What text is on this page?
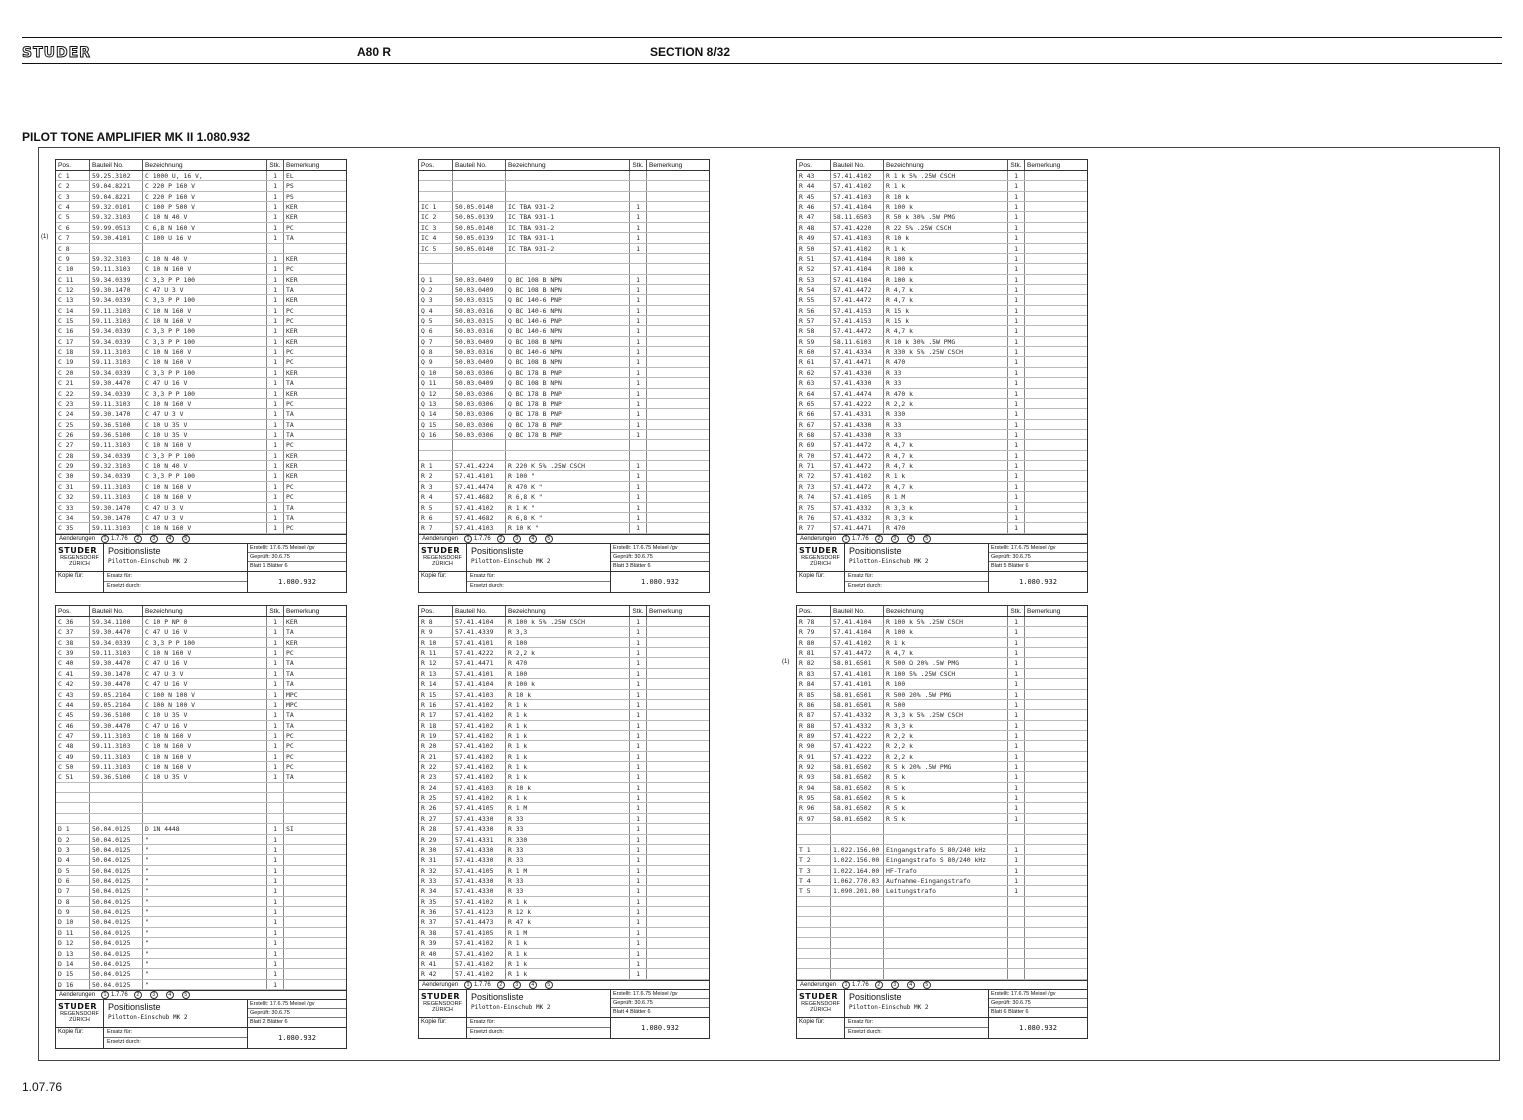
STUDER	A80 R	SECTION 8/32
PILOT TONE AMPLIFIER MK II 1.080.932
1.07.76
Pos.	Bauteil No.	Bezeichnung	Stk. Bemerkung
C 1	59.25.3102	C 1000 U, 16 V,	1	EL
C 2	59.04.8221	C 220 P 160 V	1	PS
C 3	59.04.8221	C 220 P 160 V	1	PS
C 4	59.32.0101	C 100 P 500 V	1	KER
C 5	59.32.3103	C 10 N 40 V	1	KER
C 6	59.99.0513	C 6,8 N 160 V	1	PC
C 7	59.30.4101	C 100 U 16 V	1	TA
C 8
C 9	59.32.3103	C 10 N 40 V	1	KER
C 10	59.11.3103	C 10 N 160 V	1	PC
C 11	59.34.0339	C 3,3 P P 100	1	KER
C 12	59.30.1470	C 47 U 3 V	1	TA
C 13	59.34.0339	C 3,3 P P 100	1	KER
C 14	59.11.3103	C 10 N 160 V	1	PC
C 15	59.11.3103	C 10 N 160 V	1	PC
C 16	59.34.0339	C 3,3 P P 100	1	KER
C 17	59.34.0339	C 3,3 P P 100	1	KER
C 18	59.11.3103	C 10 N 160 V	1	PC
C 19	59.11.3103	C 10 N 160 V	1	PC
C 20	59.34.0339	C 3,3 P P 100	1	KER
C 21	59.30.4470	C 47 U 16 V	1	TA
C 22	59.34.0339	C 3,3 P P 100	1	KER
C 23	59.11.3103	C 10 N 160 V	1	PC
C 24	59.30.1470	C 47 U 3 V	1	TA
C 25	59.36.5100	C 10 U 35 V	1	TA
C 26	59.36.5100	C 10 U 35 V	1	TA
C 27	59.11.3103	C 10 N 160 V	1	PC
C 28	59.34.0339	C 3,3 P P 100	1	KER
C 29	59.32.3103	C 10 N 40 V	1	KER
C 30	59.34.0339	C 3,3 P P 100	1	KER
C 31	59.11.3103	C 10 N 160 V	1	PC
C 32	59.11.3103	C 10 N 160 V	1	PC
C 33	59.30.1470	C 47 U 3 V	1	TA
C 34	59.30.1470	C 47 U 3 V	1	TA
C 35	59.11.3103	C 10 N 160 V	1	PC
(1)
Aenderungen	1 1.7.76	2	3	4	5
STUDER
REGENSDORF
ZÜRICH
Positionsliste
Pilotton-Einschub MK 2
Erstellt: 17.6.75 Meisel /gv
Geprüft: 30.6.75
Blatt 1 Blätter 6
Kopie für:	Ersatz für:
Ersetzt durch:	1.080.932
Pos.	Bauteil No.	Bezeichnung	Stk. Bemerkung
IC 1	50.05.0140	IC TBA 931-2	1
IC 2	50.05.0139	IC TBA 931-1	1
IC 3	50.05.0140	IC TBA 931-2	1
IC 4	50.05.0139	IC TBA 931-1	1
IC 5	50.05.0140	IC TBA 931-2	1
Q 1	50.03.0409	Q BC 108 B NPN	1
Q 2	50.03.0409	Q BC 108 B NPN	1
Q 3	50.03.0315	Q BC 140-6 PNP	1
Q 4	50.03.0316	Q BC 140-6 NPN	1
Q 5	50.03.0315	Q BC 140-6 PNP	1
Q 6	50.03.0316	Q BC 140-6 NPN	1
Q 7	50.03.0409	Q BC 108 B NPN	1
Q 8	50.03.0316	Q BC 140-6 NPN	1
Q 9	50.03.0409	Q BC 108 B NPN	1
Q 10	50.03.0306	Q BC 178 B PNP	1
Q 11	50.03.0409	Q BC 108 B NPN	1
Q 12	50.03.0306	Q BC 178 B PNP	1
Q 13	50.03.0306	Q BC 178 B PNP	1
Q 14	50.03.0306	Q BC 178 B PNP	1
Q 15	50.03.0306	Q BC 178 B PNP	1
Q 16	50.03.0306	Q BC 178 B PNP	1
R 1	57.41.4224	R 220 K 5% .25W CSCH	1
R 2	57.41.4101	R 100 "	1
R 3	57.41.4474	R 470 K "	1
R 4	57.41.4682	R 6,8 K "	1
R 5	57.41.4102	R 1 K "	1
R 6	57.41.4682	R 6,8 K "	1
R 7	57.41.4103	R 10 K "	1
Aenderungen	1 1.7.76	2	3	4	5
STUDER
REGENSDORF
ZÜRICH
Positionsliste
Pilotton-Einschub MK 2
Erstellt: 17.6.75 Meisel /gv
Geprüft: 30.6.75
Blatt 3 Blätter 6
Kopie für:	Ersatz für:
Ersetzt durch:	1.080.932
Pos.	Bauteil No.	Bezeichnung	Stk. Bemerkung
R 43	57.41.4102	R 1 k 5% .25W CSCH	1
R 44	57.41.4102	R 1 k	1
R 45	57.41.4103	R 10 k	1
R 46	57.41.4104	R 100 k	1
R 47	58.11.6503	R 50 k 30% .5W PMG	1
R 48	57.41.4220	R 22 5% .25W CSCH	1
R 49	57.41.4103	R 10 k	1
R 50	57.41.4102	R 1 k	1
R 51	57.41.4104	R 100 k	1
R 52	57.41.4104	R 100 k	1
R 53	57.41.4104	R 100 k	1
R 54	57.41.4472	R 4,7 k	1
R 55	57.41.4472	R 4,7 k	1
R 56	57.41.4153	R 15 k	1
R 57	57.41.4153	R 15 k	1
R 58	57.41.4472	R 4,7 k	1
R 59	58.11.6103	R 10 k 30% .5W PMG	1
R 60	57.41.4334	R 330 k 5% .25W CSCH	1
R 61	57.41.4471	R 470	1
R 62	57.41.4330	R 33	1
R 63	57.41.4330	R 33	1
R 64	57.41.4474	R 470 k	1
R 65	57.41.4222	R 2,2 k	1
R 66	57.41.4331	R 330	1
R 67	57.41.4330	R 33	1
R 68	57.41.4330	R 33	1
R 69	57.41.4472	R 4,7 k	1
R 70	57.41.4472	R 4,7 k	1
R 71	57.41.4472	R 4,7 k	1
R 72	57.41.4102	R 1 k	1
R 73	57.41.4472	R 4,7 k	1
R 74	57.41.4105	R 1 M	1
R 75	57.41.4332	R 3,3 k	1
R 76	57.41.4332	R 3,3 k	1
R 77	57.41.4471	R 470	1
Aenderungen	1 1.7.76	2	3	4	5
STUDER
REGENSDORF
ZÜRICH
Positionsliste
Pilotton-Einschub MK 2
Erstellt: 17.6.75 Meisel /gv
Geprüft: 30.6.75
Blatt 5 Blätter 6
Kopie für:	Ersatz für:
Ersetzt durch:	1.080.932
Pos.	Bauteil No.	Bezeichnung	Stk. Bemerkung
C 36	59.34.1100	C 10 P NP 0	1	KER
C 37	59.30.4470	C 47 U 16 V	1	TA
C 38	59.34.0339	C 3,3 P P 100	1	KER
C 39	59.11.3103	C 10 N 160 V	1	PC
C 40	59.30.4470	C 47 U 16 V	1	TA
C 41	59.30.1470	C 47 U 3 V	1	TA
C 42	59.30.4470	C 47 U 16 V	1	TA
C 43	59.05.2104	C 100 N 100 V	1	MPC
C 44	59.05.2104	C 100 N 100 V	1	MPC
C 45	59.36.5100	C 10 U 35 V	1	TA
C 46	59.30.4470	C 47 U 16 V	1	TA
C 47	59.11.3103	C 10 N 160 V	1	PC
C 48	59.11.3103	C 10 N 160 V	1	PC
C 49	59.11.3103	C 10 N 160 V	1	PC
C 50	59.11.3103	C 10 N 160 V	1	PC
C 51	59.36.5100	C 10 U 35 V	1	TA
D 1	50.04.0125	D 1N 4448	1	SI
D 2	50.04.0125	"	1
D 3	50.04.0125	"	1
D 4	50.04.0125	"	1
D 5	50.04.0125	"	1
D 6	50.04.0125	"	1
D 7	50.04.0125	"	1
D 8	50.04.0125	"	1
D 9	50.04.0125	"	1
D 10	50.04.0125	"	1
D 11	50.04.0125	"	1
D 12	50.04.0125	"	1
D 13	50.04.0125	"	1
D 14	50.04.0125	"	1
D 15	50.04.0125	"	1
D 16	50.04.0125	"	1
Aenderungen	1 1.7.76	2	3	4	5
STUDER
REGENSDORF
ZÜRICH
Positionsliste
Pilotton-Einschub MK 2
Erstellt: 17.6.75 Meisel /gv
Geprüft: 30.6.75
Blatt 2 Blätter 6
Kopie für:	Ersatz für:
Ersetzt durch:	1.080.932
Pos.	Bauteil No.	Bezeichnung	Stk. Bemerkung
R 8	57.41.4104	R 100 k 5% .25W CSCH	1
R 9	57.41.4339	R 3,3	1
R 10	57.41.4101	R 100	1
R 11	57.41.4222	R 2,2 k	1
R 12	57.41.4471	R 470	1
R 13	57.41.4101	R 100	1
R 14	57.41.4104	R 100 k	1
R 15	57.41.4103	R 10 k	1
R 16	57.41.4102	R 1 k	1
R 17	57.41.4102	R 1 k	1
R 18	57.41.4102	R 1 k	1
R 19	57.41.4102	R 1 k	1
R 20	57.41.4102	R 1 k	1
R 21	57.41.4102	R 1 k	1
R 22	57.41.4102	R 1 k	1
R 23	57.41.4102	R 1 k	1
R 24	57.41.4103	R 10 k	1
R 25	57.41.4102	R 1 k	1
R 26	57.41.4105	R 1 M	1
R 27	57.41.4330	R 33	1
R 28	57.41.4330	R 33	1
R 29	57.41.4331	R 330	1
R 30	57.41.4330	R 33	1
R 31	57.41.4330	R 33	1
R 32	57.41.4105	R 1 M	1
R 33	57.41.4330	R 33	1
R 34	57.41.4330	R 33	1
R 35	57.41.4102	R 1 k	1
R 36	57.41.4123	R 12 k	1
R 37	57.41.4473	R 47 k	1
R 38	57.41.4105	R 1 M	1
R 39	57.41.4102	R 1 k	1
R 40	57.41.4102	R 1 k	1
R 41	57.41.4102	R 1 k	1
R 42	57.41.4102	R 1 k	1
Aenderungen	1 1.7.76	2	3	4	5
STUDER
REGENSDORF
ZÜRICH
Positionsliste
Pilotton-Einschub MK 2
Erstellt: 17.6.75 Meisel /gv
Geprüft: 30.6.75
Blatt 4 Blätter 6
Kopie für:	Ersatz für:
Ersetzt durch:	1.080.932
Pos.	Bauteil No.	Bezeichnung	Stk. Bemerkung
R 78	57.41.4104	R 100 k 5% .25W CSCH	1
R 79	57.41.4104	R 100 k	1
R 80	57.41.4102	R 1 k	1
R 81	57.41.4472	R 4,7 k	1
R 82	58.01.6501	R 500 Ω 20% .5W PMG	1
R 83	57.41.4101	R 100 5% .25W CSCH	1
R 84	57.41.4101	R 100	1
R 85	58.01.6501	R 500 20% .5W PMG	1
R 86	58.01.6501	R 500	1
R 87	57.41.4332	R 3,3 k 5% .25W CSCH	1
R 88	57.41.4332	R 3,3 k	1
R 89	57.41.4222	R 2,2 k	1
R 90	57.41.4222	R 2,2 k	1
R 91	57.41.4222	R 2,2 k	1
R 92	58.01.6502	R 5 k 20% .5W PMG	1
R 93	58.01.6502	R 5 k	1
R 94	58.01.6502	R 5 k	1
R 95	58.01.6502	R 5 k	1
R 96	58.01.6502	R 5 k	1
R 97	58.01.6502	R 5 k	1
T 1	1.022.156.00	Eingangstrafo S 80/240 kHz	1
T 2	1.022.156.00	Eingangstrafo S 80/240 kHz	1
T 3	1.022.164.00	HF-Trafo	1
T 4	1.062.770.03	Aufnahme-Eingangstrafo	1
T 5	1.090.201.00	Leitungstrafo	1
(1)
Aenderungen	1 1.7.76	2	3	4	5
STUDER
REGENSDORF
ZÜRICH
Positionsliste
Pilotton-Einschub MK 2
Erstellt: 17.6.75 Meisel /gv
Geprüft: 30.6.75
Blatt 6 Blätter 6
Kopie für:	Ersatz für:
Ersetzt durch:	1.080.932
